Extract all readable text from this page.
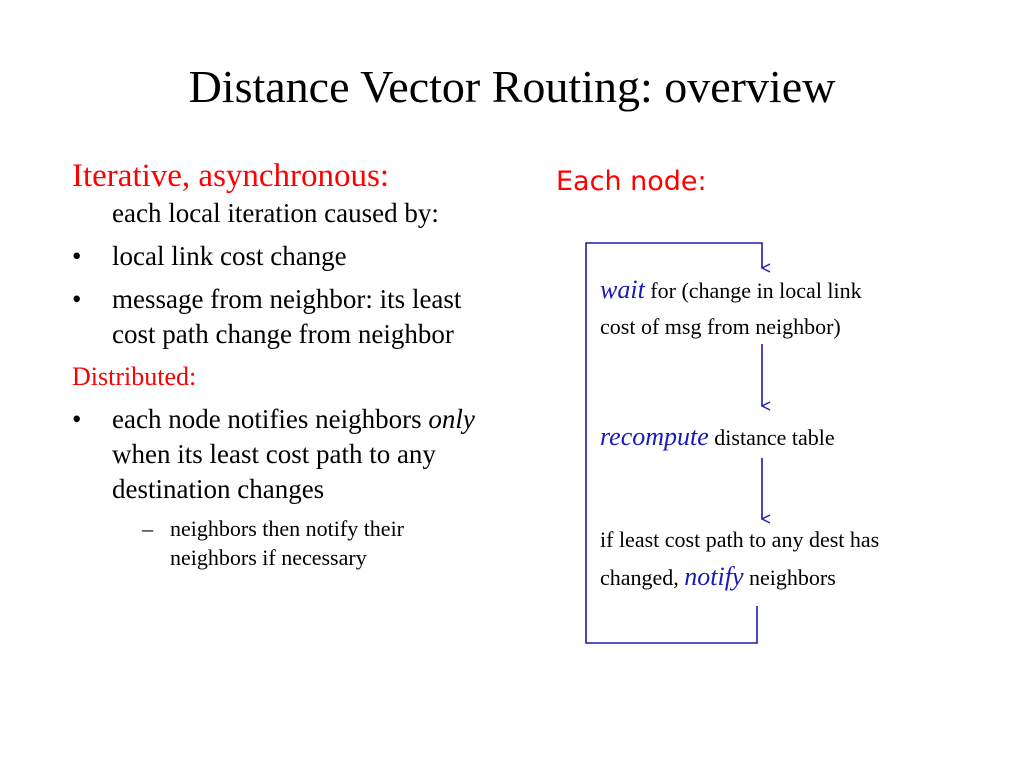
Distance Vector Routing: overview
Iterative, asynchronous:
each local iteration caused by:
•	local link cost change
•	message from neighbor: its least cost path change from neighbor
Distributed:
•	each node notifies neighbors only when its least cost path to any destination changes
– neighbors then notify their neighbors if necessary
Each node:
wait for (change in local link
cost of msg from neighbor)
recompute distance table
if least cost path to any dest has
changed, notify neighbors
